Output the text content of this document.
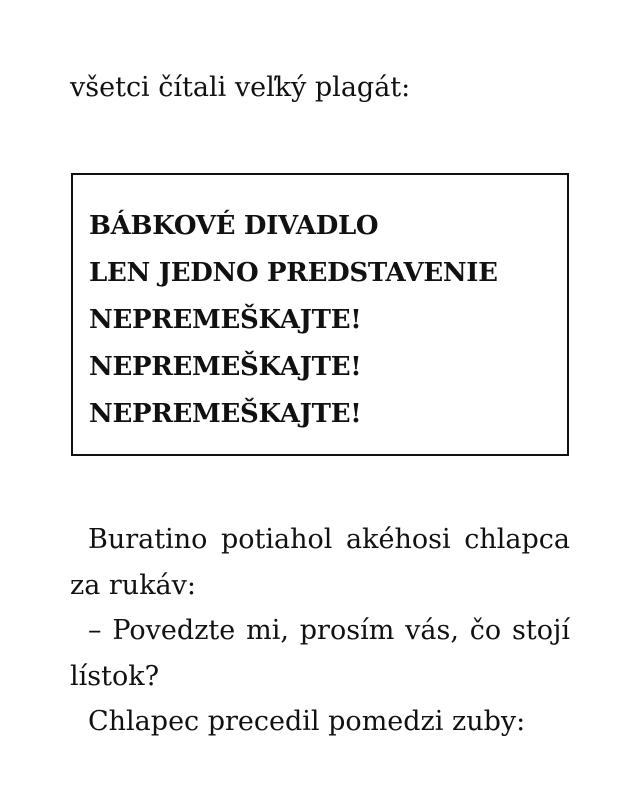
všetci čítali veľký plagát:

BÁBKOVÉ DIVADLO
LEN JEDNO PREDSTAVENIE
NEPREMEŠKAJTE!
NEPREMEŠKAJTE!
NEPREMEŠKAJTE!

Buratino potiahol akéhosi chlapca za rukáv:

– Povedzte mi, prosím vás, čo stojí lístok?

Chlapec precedil pomedzi zuby:
